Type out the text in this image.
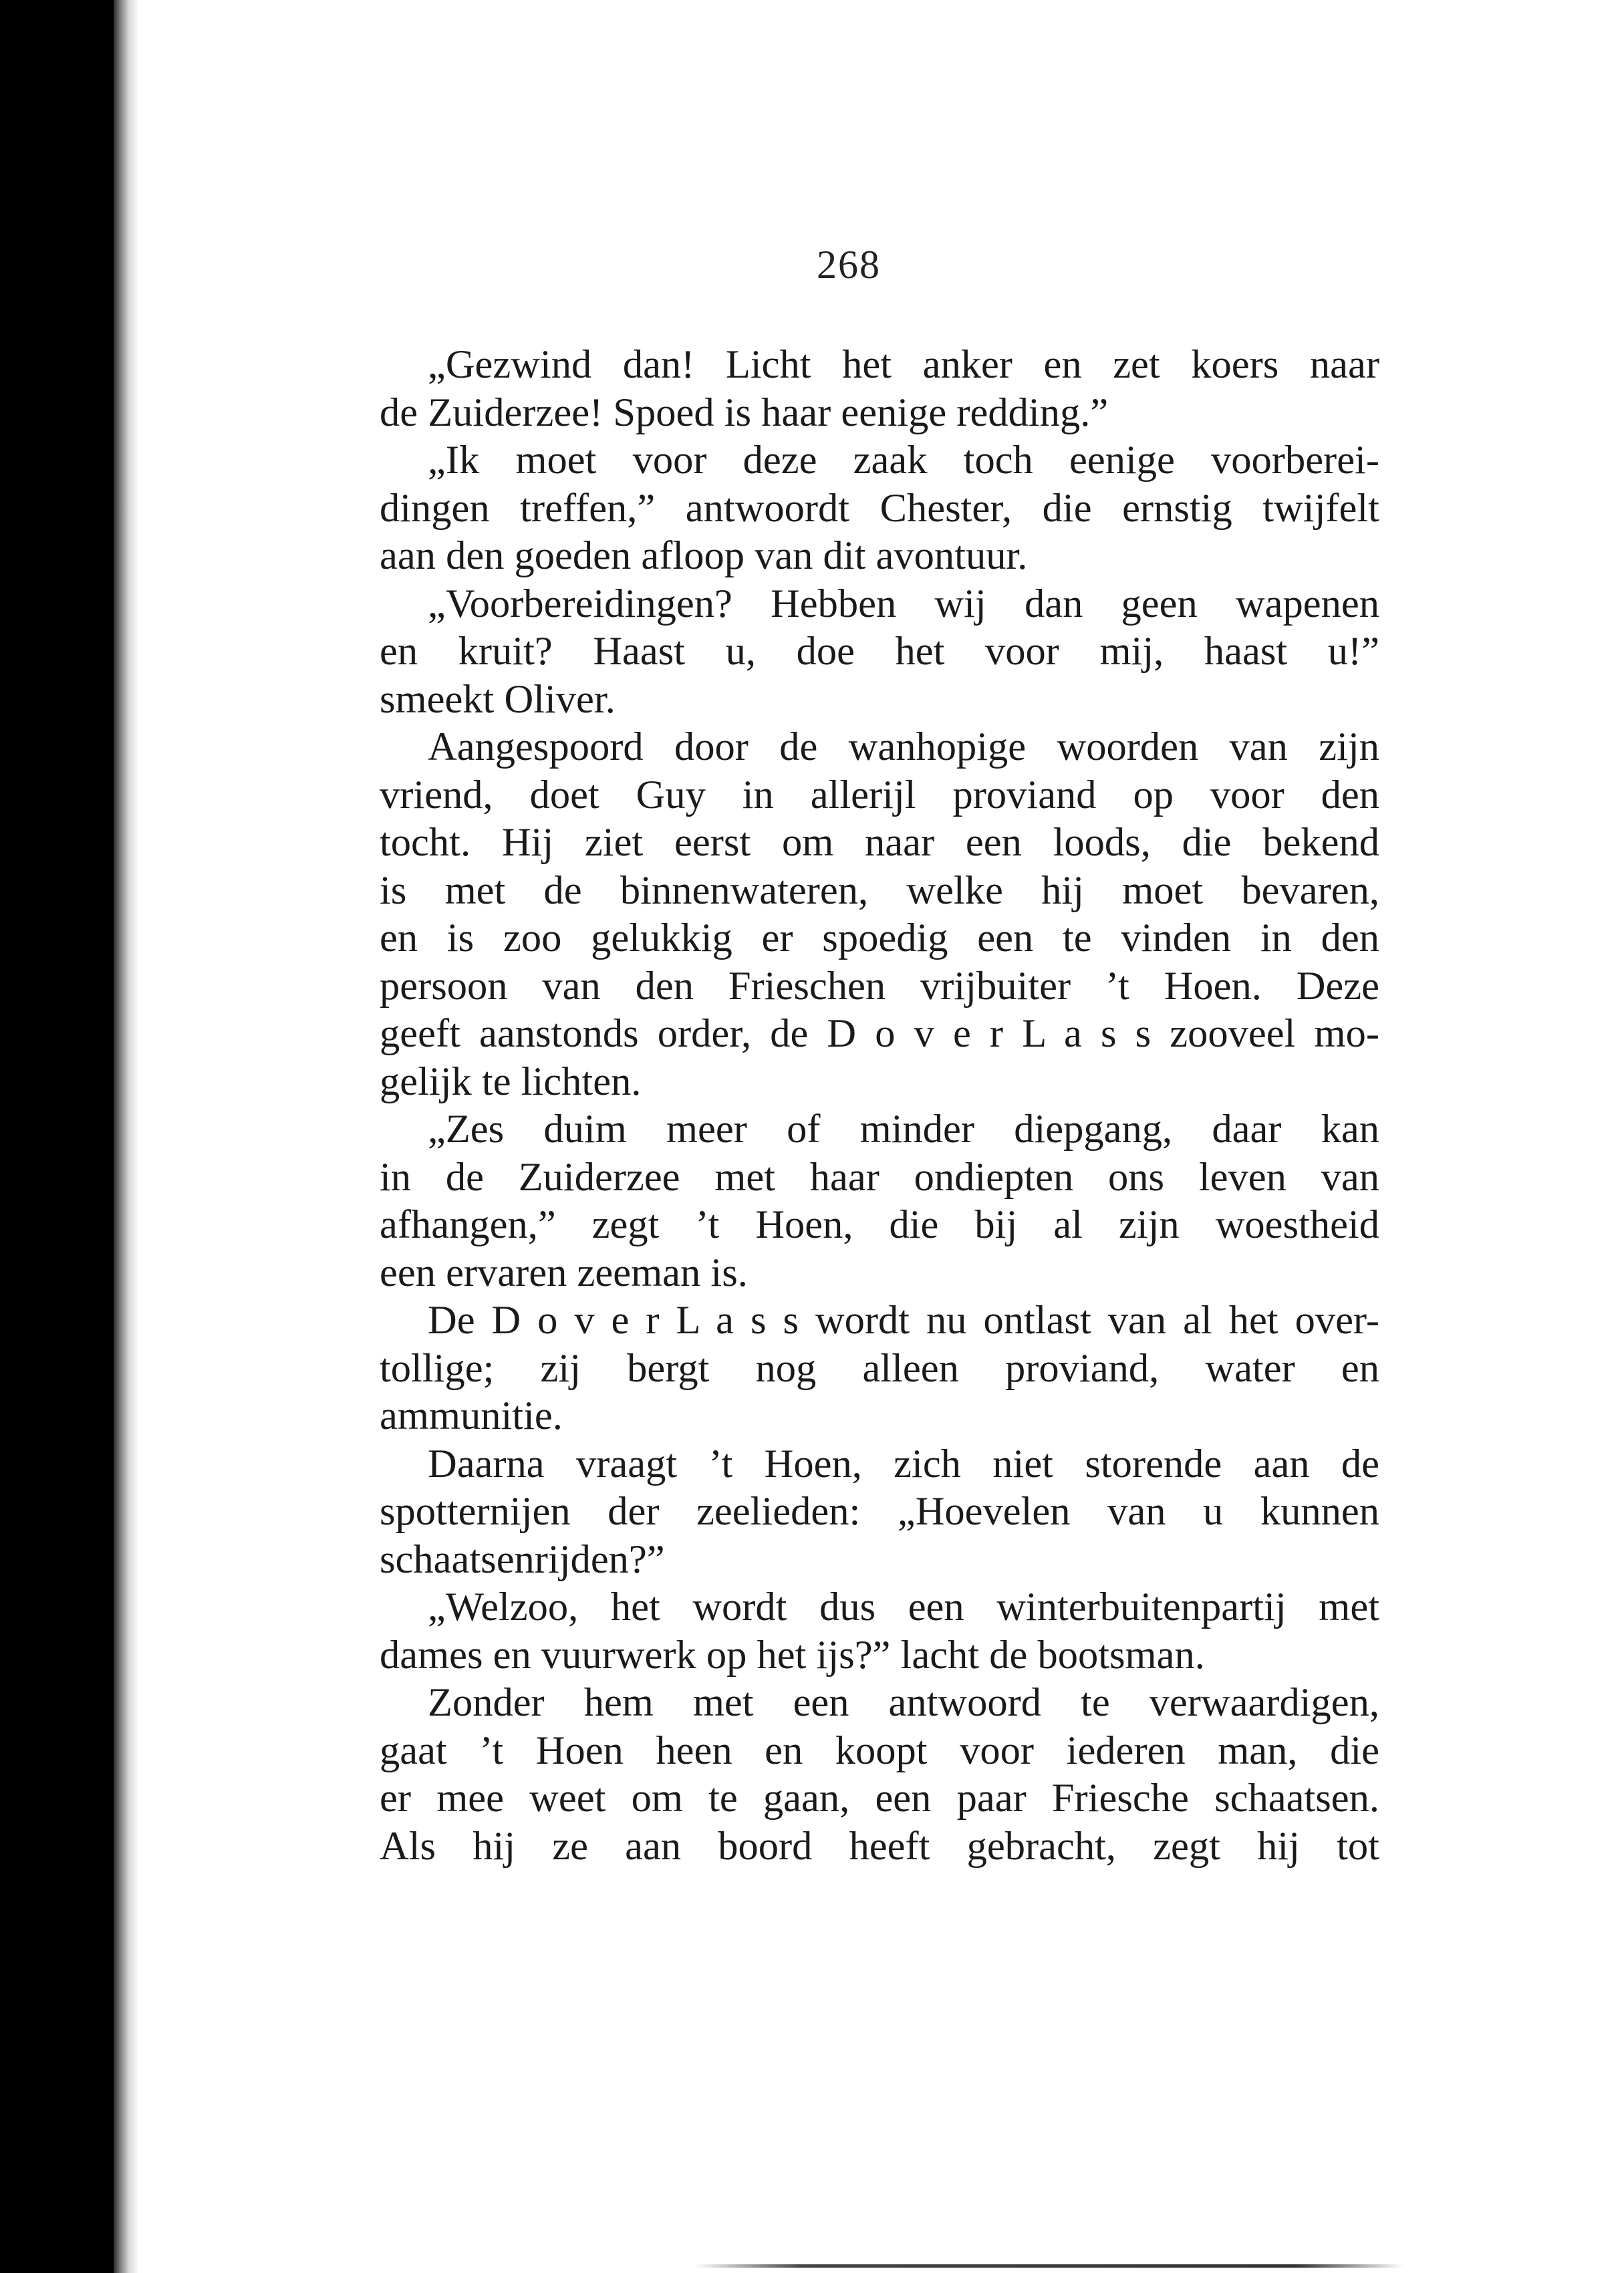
268
„Gezwind dan! Licht het anker en zet koers naar
de Zuiderzee! Spoed is haar eenige redding.”
„Ik moet voor deze zaak toch eenige voorberei-
dingen treffen,” antwoordt Chester, die ernstig twijfelt
aan den goeden afloop van dit avontuur.
„Voorbereidingen? Hebben wij dan geen wapenen
en kruit? Haast u, doe het voor mij, haast u!”
smeekt Oliver.
Aangespoord door de wanhopige woorden van zijn
vriend, doet Guy in allerijl proviand op voor den
tocht. Hij ziet eerst om naar een loods, die bekend
is met de binnenwateren, welke hij moet bevaren,
en is zoo gelukkig er spoedig een te vinden in den
persoon van den Frieschen vrijbuiter ’t Hoen. Deze
geeft aanstonds order, de D o v e r L a s s zooveel mo-
gelijk te lichten.
„Zes duim meer of minder diepgang, daar kan
in de Zuiderzee met haar ondiepten ons leven van
afhangen,” zegt ’t Hoen, die bij al zijn woestheid
een ervaren zeeman is.
De D o v e r L a s s wordt nu ontlast van al het over-
tollige; zij bergt nog alleen proviand, water en
ammunitie.
Daarna vraagt ’t Hoen, zich niet storende aan de
spotternijen der zeelieden: „Hoevelen van u kunnen
schaatsenrijden?”
„Welzoo, het wordt dus een winterbuitenpartij met
dames en vuurwerk op het ijs?” lacht de bootsman.
Zonder hem met een antwoord te verwaardigen,
gaat ’t Hoen heen en koopt voor iederen man, die
er mee weet om te gaan, een paar Friesche schaatsen.
Als hij ze aan boord heeft gebracht, zegt hij tot
